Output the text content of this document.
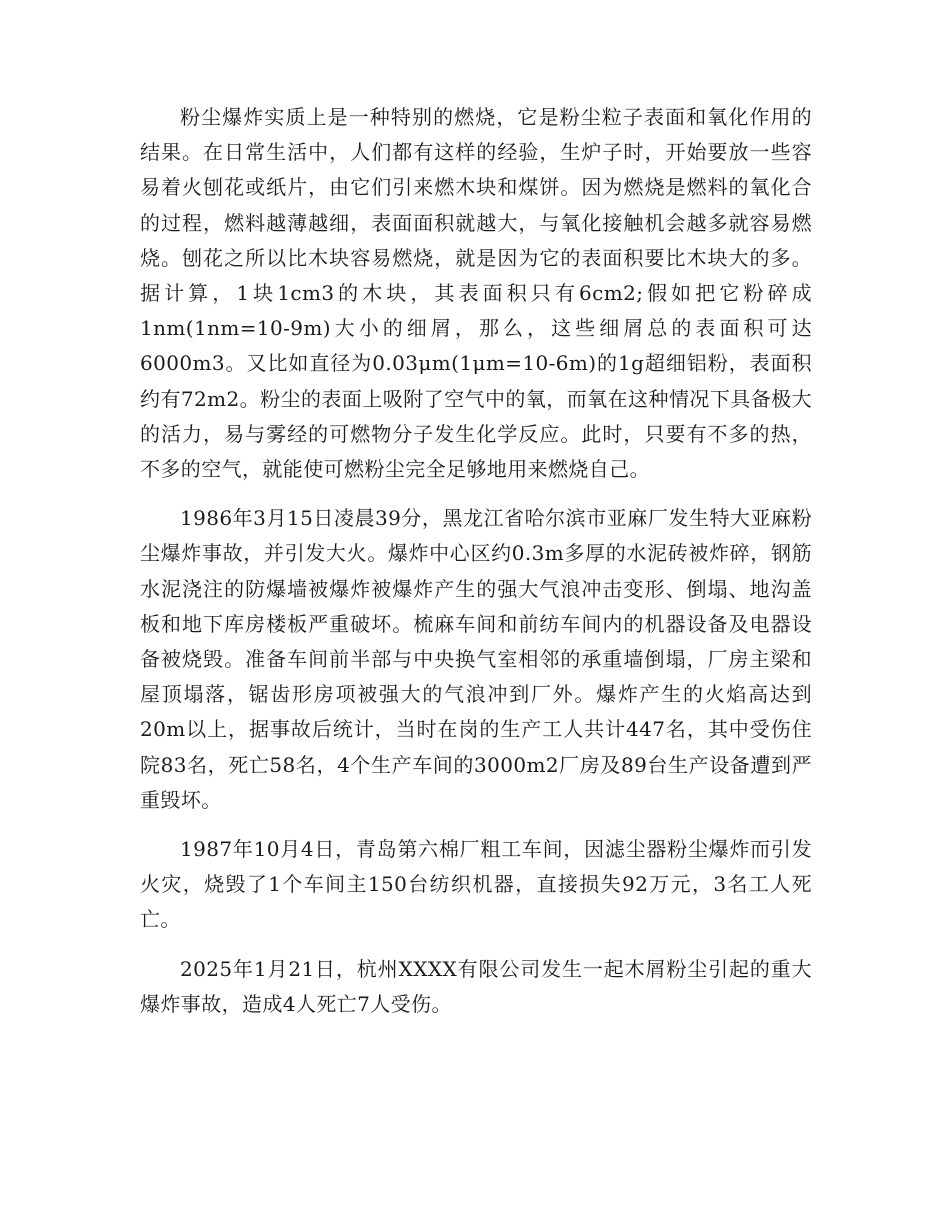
粉尘爆炸实质上是一种特别的燃烧，它是粉尘粒子表面和氧化作用的结果。在日常生活中，人们都有这样的经验，生炉子时，开始要放一些容易着火刨花或纸片，由它们引来燃木块和煤饼。因为燃烧是燃料的氧化合的过程，燃料越薄越细，表面面积就越大，与氧化接触机会越多就容易燃烧。刨花之所以比木块容易燃烧，就是因为它的表面积要比木块大的多。据计算，1块1cm3的木块，其表面积只有6cm2;假如把它粉碎成1nm(1nm=10-9m)大小的细屑，那么，这些细屑总的表面积可达6000m3。又比如直径为0.03μm(1μm=10-6m)的1g超细铝粉，表面积约有72m2。粉尘的表面上吸附了空气中的氧，而氧在这种情况下具备极大的活力，易与雾经的可燃物分子发生化学反应。此时，只要有不多的热，不多的空气，就能使可燃粉尘完全足够地用来燃烧自己。

1986年3月15日凌晨39分，黑龙江省哈尔滨市亚麻厂发生特大亚麻粉尘爆炸事故，并引发大火。爆炸中心区约0.3m多厚的水泥砖被炸碎，钢筋水泥浇注的防爆墙被爆炸被爆炸产生的强大气浪冲击变形、倒塌、地沟盖板和地下库房楼板严重破坏。梳麻车间和前纺车间内的机器设备及电器设备被烧毁。准备车间前半部与中央换气室相邻的承重墙倒塌，厂房主梁和屋顶塌落，锯齿形房项被强大的气浪冲到厂外。爆炸产生的火焰高达到20m以上，据事故后统计，当时在岗的生产工人共计447名，其中受伤住院83名，死亡58名，4个生产车间的3000m2厂房及89台生产设备遭到严重毁坏。

1987年10月4日，青岛第六棉厂粗工车间，因滤尘器粉尘爆炸而引发火灾，烧毁了1个车间主150台纺织机器，直接损失92万元，3名工人死亡。

2025年1月21日，杭州XXXX有限公司发生一起木屑粉尘引起的重大爆炸事故，造成4人死亡7人受伤。
